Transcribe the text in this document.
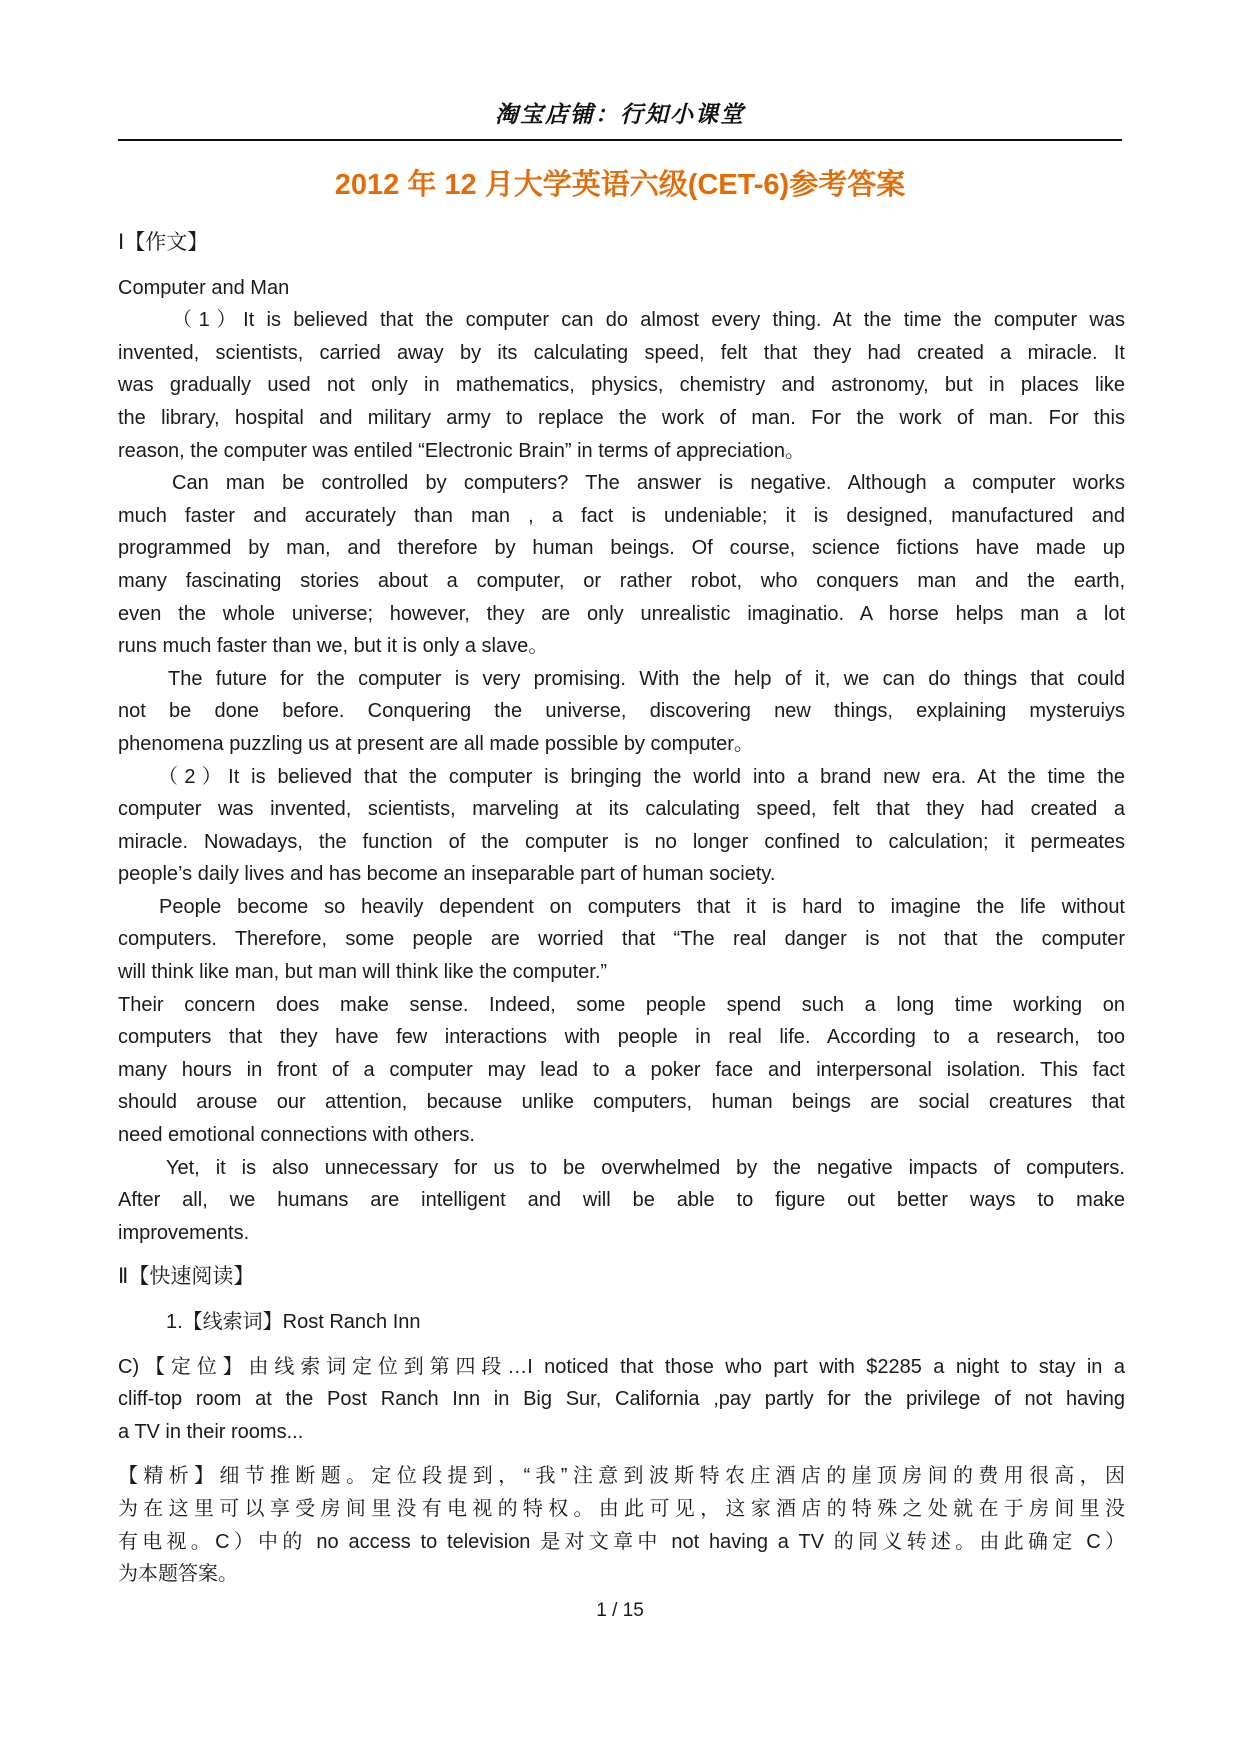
淘宝店铺：行知小课堂
2012 年 12 月大学英语六级(CET-6)参考答案
Ⅰ【作文】
Computer and Man
（1）It is believed that the computer can do almost every thing. At the time the computer was
invented, scientists, carried away by its calculating speed, felt that they had created a miracle. It
was gradually used not only in mathematics, physics, chemistry and astronomy, but in places like
the library, hospital and military army to replace the work of man. For the work of man. For this
reason, the computer was entiled “Electronic Brain” in terms of appreciation。
Can man be controlled by computers? The answer is negative. Although a computer works
much faster and accurately than man , a fact is undeniable; it is designed, manufactured and
programmed by man, and therefore by human beings. Of course, science fictions have made up
many fascinating stories about a computer, or rather robot, who conquers man and the earth,
even the whole universe; however, they are only unrealistic imaginatio. A horse helps man a lot
runs much faster than we, but it is only a slave。
The future for the computer is very promising. With the help of it, we can do things that could
not be done before. Conquering the universe, discovering new things, explaining mysteruiys
phenomena puzzling us at present are all made possible by computer。
（2）It is believed that the computer is bringing the world into a brand new era. At the time the
computer was invented, scientists, marveling at its calculating speed, felt that they had created a
miracle. Nowadays, the function of the computer is no longer confined to calculation; it permeates
people’s daily lives and has become an inseparable part of human society.
People become so heavily dependent on computers that it is hard to imagine the life without
computers. Therefore, some people are worried that “The real danger is not that the computer
will think like man, but man will think like the computer.”
Their concern does make sense. Indeed, some people spend such a long time working on
computers that they have few interactions with people in real life. According to a research, too
many hours in front of a computer may lead to a poker face and interpersonal isolation. This fact
should arouse our attention, because unlike computers, human beings are social creatures that
need emotional connections with others.
Yet, it is also unnecessary for us to be overwhelmed by the negative impacts of computers.
After all, we humans are intelligent and will be able to figure out better ways to make
improvements.
Ⅱ【快速阅读】
1.【线索词】Rost Ranch Inn
C)【定位】由线索词定位到第四段…I noticed that those who part with $2285 a night to stay in a
cliff-top room at the Post Ranch Inn in Big Sur, California ,pay partly for the privilege of not having
a TV in their rooms...
【精析】细节推断题。定位段提到，“我”注意到波斯特农庄酒店的崖顶房间的费用很高，因
为在这里可以享受房间里没有电视的特权。由此可见，这家酒店的特殊之处就在于房间里没
有电视。C）中的 no access to television 是对文章中 not having a TV 的同义转述。由此确定 C）
为本题答案。
1 / 15
